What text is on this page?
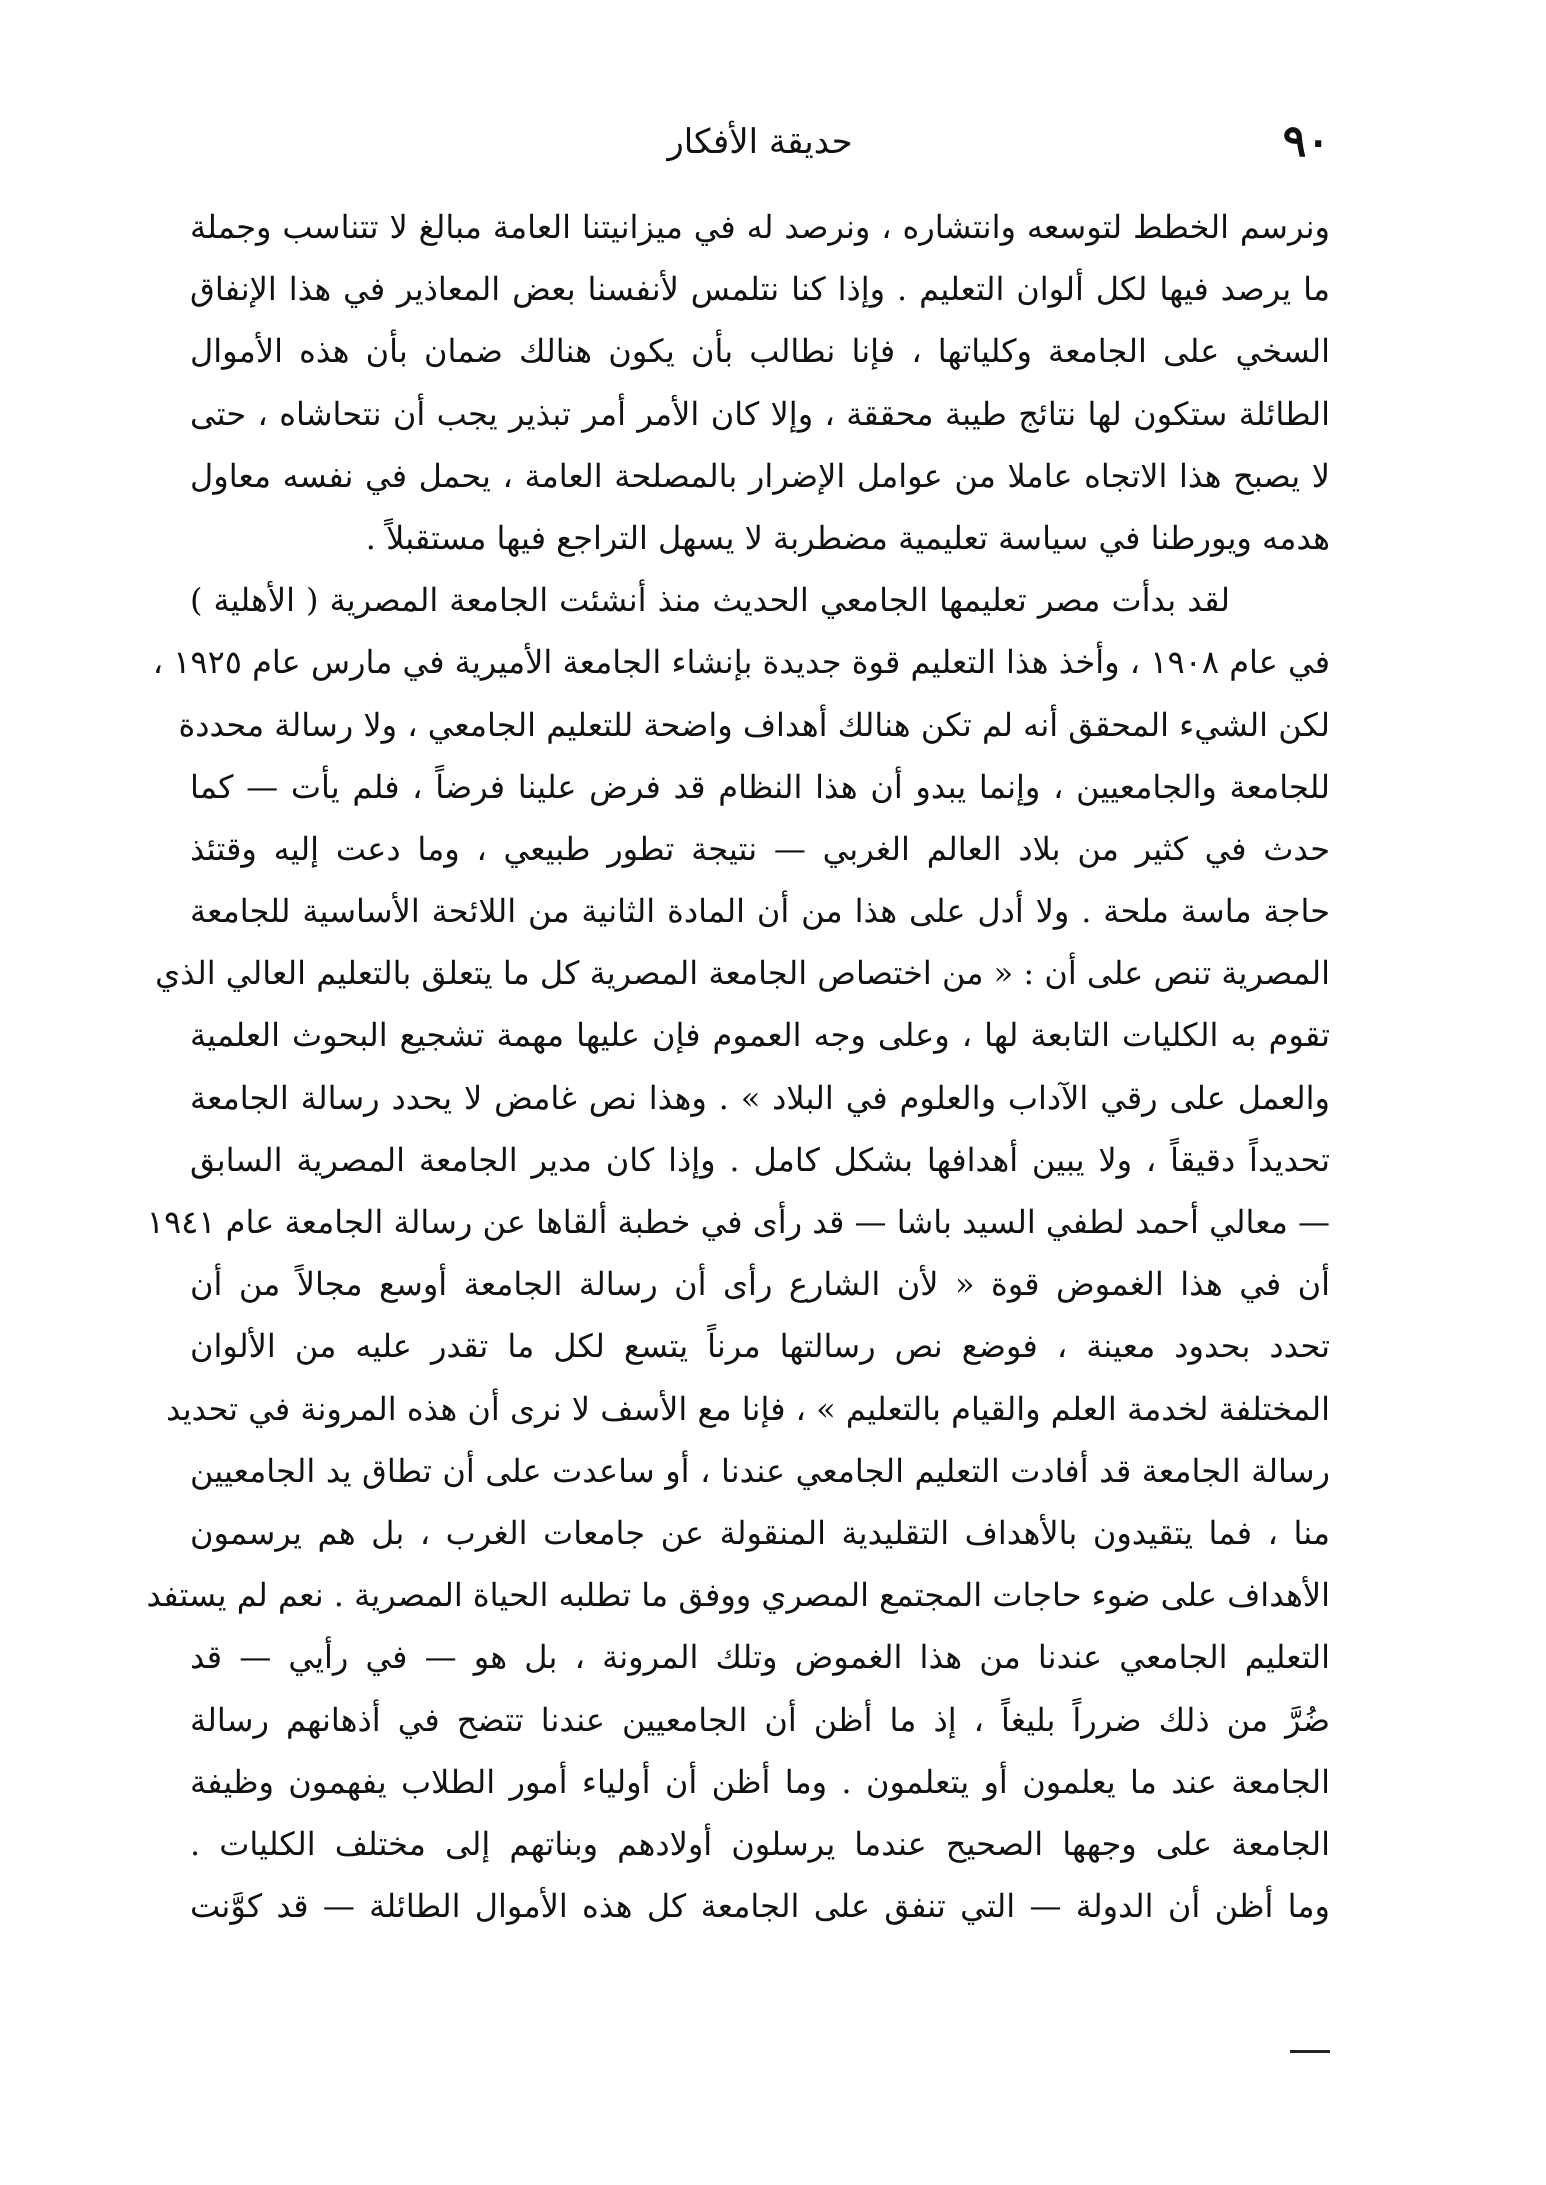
٩٠
حديقة الأفكار
ونرسم الخطط لتوسعه وانتشاره ، ونرصد له في ميزانيتنا العامة مبالغ لا تتناسب وجملة
ما يرصد فيها لكل ألوان التعليم . وإذا كنا نتلمس لأنفسنا بعض المعاذير في هذا الإنفاق
السخي على الجامعة وكلياتها ، فإنا نطالب بأن يكون هنالك ضمان بأن هذه الأموال
الطائلة ستكون لها نتائج طيبة محققة ، وإلا كان الأمر أمر تبذير يجب أن نتحاشاه ، حتى
لا يصبح هذا الاتجاه عاملا من عوامل الإضرار بالمصلحة العامة ، يحمل في نفسه معاول
هدمه ويورطنا في سياسة تعليمية مضطربة لا يسهل التراجع فيها مستقبلاً .
لقد بدأت مصر تعليمها الجامعي الحديث منذ أنشئت الجامعة المصرية ( الأهلية )
في عام ١٩٠٨ ، وأخذ هذا التعليم قوة جديدة بإنشاء الجامعة الأميرية في مارس عام ١٩٢٥ ،
لكن الشيء المحقق أنه لم تكن هنالك أهداف واضحة للتعليم الجامعي ، ولا رسالة محددة
للجامعة والجامعيين ، وإنما يبدو أن هذا النظام قد فرض علينا فرضاً ، فلم يأت — كما
حدث في كثير من بلاد العالم الغربي — نتيجة تطور طبيعي ، وما دعت إليه وقتئذ
حاجة ماسة ملحة . ولا أدل على هذا من أن المادة الثانية من اللائحة الأساسية للجامعة
المصرية تنص على أن : « من اختصاص الجامعة المصرية كل ما يتعلق بالتعليم العالي الذي
تقوم به الكليات التابعة لها ، وعلى وجه العموم فإن عليها مهمة تشجيع البحوث العلمية
والعمل على رقي الآداب والعلوم في البلاد » . وهذا نص غامض لا يحدد رسالة الجامعة
تحديداً دقيقاً ، ولا يبين أهدافها بشكل كامل . وإذا كان مدير الجامعة المصرية السابق
— معالي أحمد لطفي السيد باشا — قد رأى في خطبة ألقاها عن رسالة الجامعة عام ١٩٤١
أن في هذا الغموض قوة « لأن الشارع رأى أن رسالة الجامعة أوسع مجالاً من أن
تحدد بحدود معينة ، فوضع نص رسالتها مرناً يتسع لكل ما تقدر عليه من الألوان
المختلفة لخدمة العلم والقيام بالتعليم » ، فإنا مع الأسف لا نرى أن هذه المرونة في تحديد
رسالة الجامعة قد أفادت التعليم الجامعي عندنا ، أو ساعدت على أن تطاق يد الجامعيين
منا ، فما يتقيدون بالأهداف التقليدية المنقولة عن جامعات الغرب ، بل هم يرسمون
الأهداف على ضوء حاجات المجتمع المصري ووفق ما تطلبه الحياة المصرية . نعم لم يستفد
التعليم الجامعي عندنا من هذا الغموض وتلك المرونة ، بل هو — في رأيي — قد
ضُرَّ من ذلك ضرراً بليغاً ، إذ ما أظن أن الجامعيين عندنا تتضح في أذهانهم رسالة
الجامعة عند ما يعلمون أو يتعلمون . وما أظن أن أولياء أمور الطلاب يفهمون وظيفة
الجامعة على وجهها الصحيح عندما يرسلون أولادهم وبناتهم إلى مختلف الكليات .
وما أظن أن الدولة — التي تنفق على الجامعة كل هذه الأموال الطائلة — قد كوَّنت
